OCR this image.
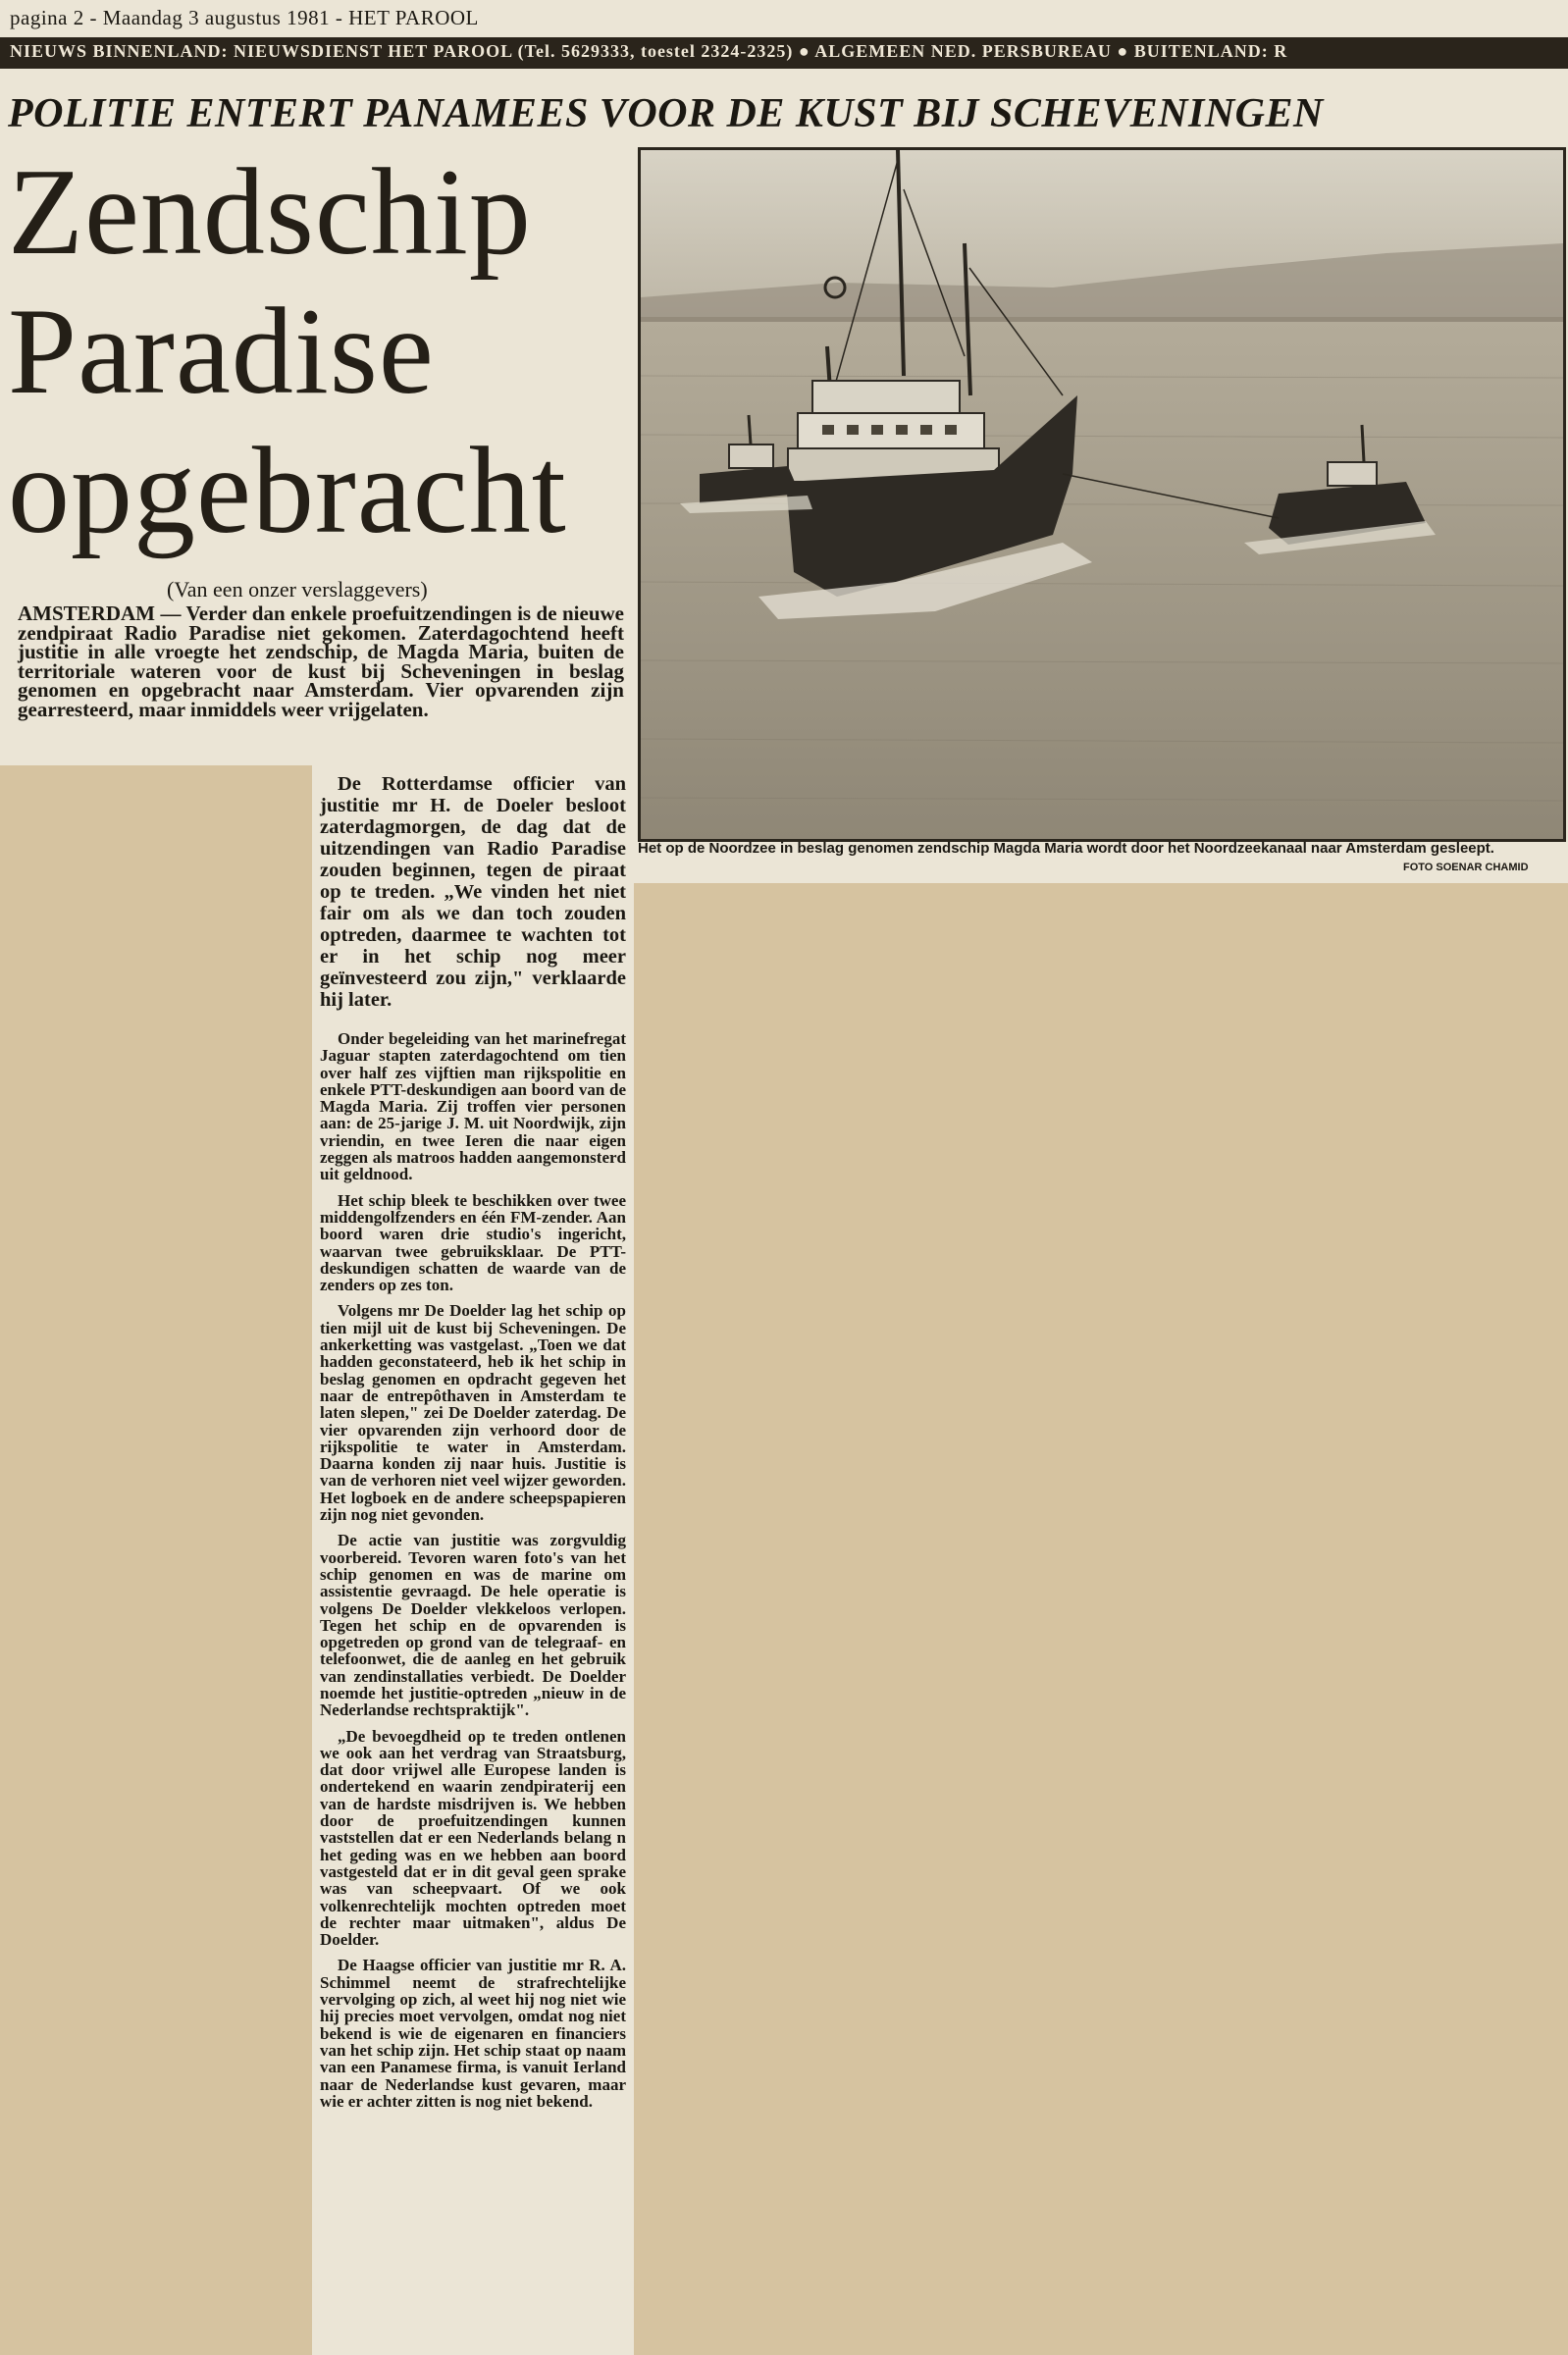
pagina 2 - Maandag 3 augustus 1981 - HET PAROOL
NIEUWS BINNENLAND: NIEUWSDIENST HET PAROOL (Tel. 5629333, toestel 2324-2325) ● ALGEMEEN NED. PERSBUREAU ● BUITENLAND: R
POLITIE ENTERT PANAMEES VOOR DE KUST BIJ SCHEVENINGEN
Zendschip
Paradise
opgebracht
(Van een onzer verslaggevers)
AMSTERDAM — Verder dan enkele proefuitzendingen is de nieuwe zendpiraat Radio Paradise niet gekomen. Zaterdagochtend heeft justitie in alle vroegte het zendschip, de Magda Maria, buiten de territoriale wateren voor de kust bij Scheveningen in beslag genomen en opgebracht naar Amsterdam. Vier opvarenden zijn gearresteerd, maar inmiddels weer vrijgelaten.
Het op de Noordzee in beslag genomen zendschip Magda Maria wordt door het Noordzeekanaal naar Amsterdam gesleept.
FOTO SOENAR CHAMID

De Rotterdamse officier van justitie mr H. de Doeler besloot zaterdagmorgen, de dag dat de uitzendingen van Radio Paradise zouden beginnen, tegen de piraat op te treden. „We vinden het niet fair om als we dan toch zouden optreden, daarmee te wachten tot er in het schip nog meer geïnvesteerd zou zijn," verklaarde hij later.

Onder begeleiding van het marinefregat Jaguar stapten zaterdagochtend om tien over half zes vijftien man rijkspolitie en enkele PTT-deskundigen aan boord van de Magda Maria. Zij troffen vier personen aan: de 25-jarige J. M. uit Noordwijk, zijn vriendin, en twee Ieren die naar eigen zeggen als matroos hadden aangemonsterd uit geldnood.

Het schip bleek te beschikken over twee middengolfzenders en één FM-zender. Aan boord waren drie studio's ingericht, waarvan twee gebruiksklaar. De PTT-deskundigen schatten de waarde van de zenders op zes ton.

Volgens mr De Doelder lag het schip op tien mijl uit de kust bij Scheveningen. De ankerketting was vastgelast. „Toen we dat hadden geconstateerd, heb ik het schip in beslag genomen en opdracht gegeven het naar de entrepôthaven in Amsterdam te laten slepen," zei De Doelder zaterdag. De vier opvarenden zijn verhoord door de rijkspolitie te water in Amsterdam. Daarna konden zij naar huis. Justitie is van de verhoren niet veel wijzer geworden. Het logboek en de andere scheepspapieren zijn nog niet gevonden.

De actie van justitie was zorgvuldig voorbereid. Tevoren waren foto's van het schip genomen en was de marine om assistentie gevraagd. De hele operatie is volgens De Doelder vlekkeloos verlopen. Tegen het schip en de opvarenden is opgetreden op grond van de telegraaf- en telefoonwet, die de aanleg en het gebruik van zendinstallaties verbiedt. De Doelder noemde het justitie-optreden „nieuw in de Nederlandse rechtspraktijk".

„De bevoegdheid op te treden ontlenen we ook aan het verdrag van Straatsburg, dat door vrijwel alle Europese landen is ondertekend en waarin zendpiraterij een van de hardste misdrijven is. We hebben door de proefuitzendingen kunnen vaststellen dat er een Nederlands belang n het geding was en we hebben aan boord vastgesteld dat er in dit geval geen sprake was van scheepvaart. Of we ook volkenrechtelijk mochten optreden moet de rechter maar uitmaken", aldus De Doelder.

De Haagse officier van justitie mr R. A. Schimmel neemt de strafrechtelijke vervolging op zich, al weet hij nog niet wie hij precies moet vervolgen, omdat nog niet bekend is wie de eigenaren en financiers van het schip zijn. Het schip staat op naam van een Panamese firma, is vanuit Ierland naar de Nederlandse kust gevaren, maar wie er achter zitten is nog niet bekend.
